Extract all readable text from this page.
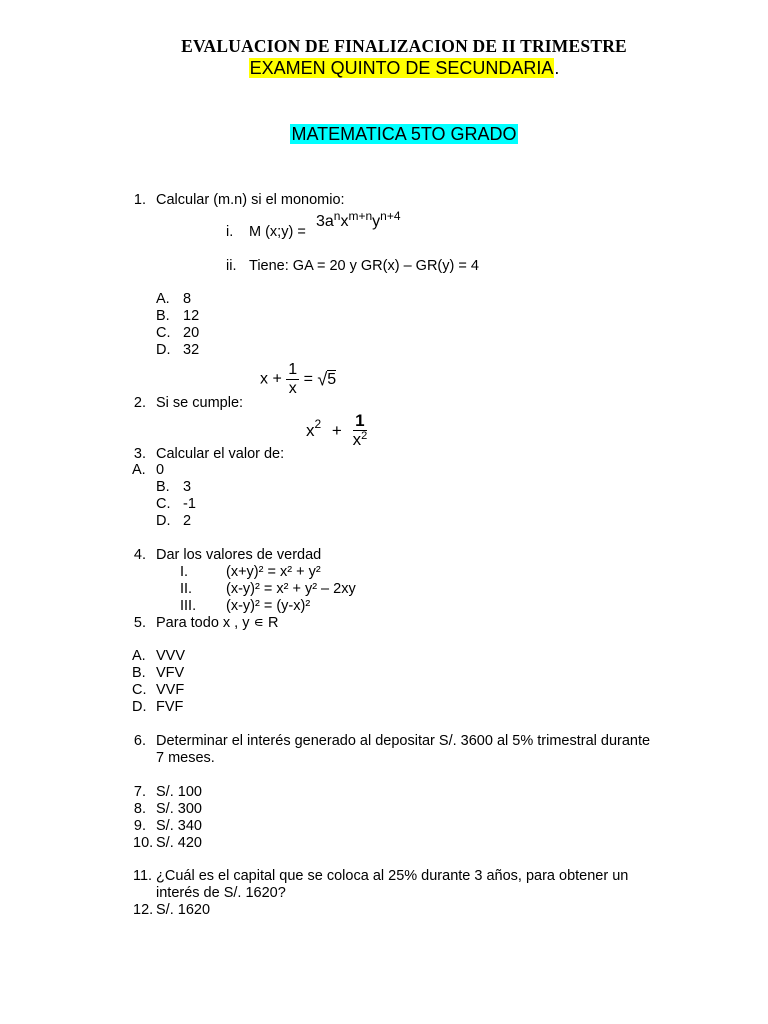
EVALUACION DE FINALIZACION DE II TRIMESTRE
EXAMEN QUINTO DE SECUNDARIA.
MATEMATICA 5TO GRADO
1. Calcular (m.n) si el monomio:
i. M (x;y) =
$3a^nx^{m+n}y^{n+4}$
ii. Tiene: GA = 20 y GR(x) – GR(y) = 4
A. 8
B. 12
C. 20
D. 32
$x + \frac{1}{x} = √5$
2. Si se cumple:
$x^2 + \frac{1}{x^2}$
3. Calcular el valor de:
A. 0
B. 3
C. -1
D. 2
4. Dar los valores de verdad
I.	(x+y)² = x² + y²
II. (x-y)² = x² + y² – 2xy
III. (x-y)² = (y-x)²
5. Para todo x , y ∊ R
A. VVV
B. VFV
C. VVF
D. FVF
6. Determinar el interés generado al depositar S/. 3600 al 5% trimestral durante
7 meses.
7. S/. 100
8. S/. 300
9. S/. 340
10. S/. 420
11. ¿Cuál es el capital que se coloca al 25% durante 3 años, para obtener un
interés de S/. 1620?
12. S/. 1620
